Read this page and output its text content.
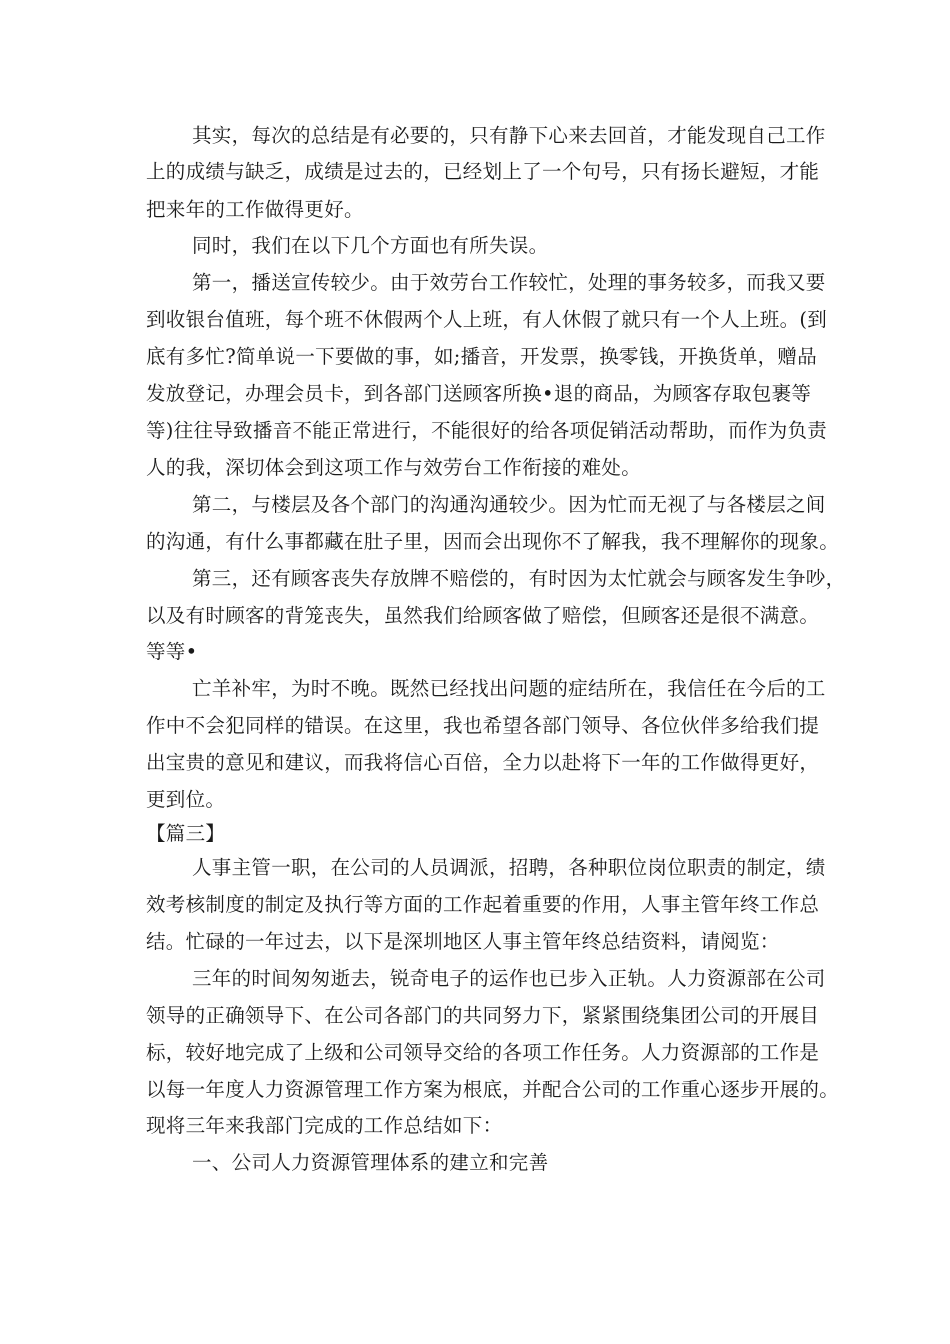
其实，每次的总结是有必要的，只有静下心来去回首，才能发现自己工作
上的成绩与缺乏，成绩是过去的，已经划上了一个句号，只有扬长避短，才能
把来年的工作做得更好。
同时，我们在以下几个方面也有所失误。
第一，播送宣传较少。由于效劳台工作较忙，处理的事务较多，而我又要
到收银台值班，每个班不休假两个人上班，有人休假了就只有一个人上班。(到
底有多忙?简单说一下要做的事，如;播音，开发票，换零钱，开换货单，赠品
发放登记，办理会员卡，到各部门送顾客所换•退的商品，为顾客存取包裹等
等)往往导致播音不能正常进行，不能很好的给各项促销活动帮助，而作为负责
人的我，深切体会到这项工作与效劳台工作衔接的难处。
第二，与楼层及各个部门的沟通沟通较少。因为忙而无视了与各楼层之间
的沟通，有什么事都藏在肚子里，因而会出现你不了解我，我不理解你的现象。
第三，还有顾客丧失存放牌不赔偿的，有时因为太忙就会与顾客发生争吵，
以及有时顾客的背笼丧失，虽然我们给顾客做了赔偿，但顾客还是很不满意。
等等•
亡羊补牢，为时不晚。既然已经找出问题的症结所在，我信任在今后的工
作中不会犯同样的错误。在这里，我也希望各部门领导、各位伙伴多给我们提
出宝贵的意见和建议，而我将信心百倍，全力以赴将下一年的工作做得更好，
更到位。
【篇三】
人事主管一职，在公司的人员调派，招聘，各种职位岗位职责的制定，绩
效考核制度的制定及执行等方面的工作起着重要的作用，人事主管年终工作总
结。忙碌的一年过去，以下是深圳地区人事主管年终总结资料，请阅览：
三年的时间匆匆逝去，锐奇电子的运作也已步入正轨。人力资源部在公司
领导的正确领导下、在公司各部门的共同努力下，紧紧围绕集团公司的开展目
标，较好地完成了上级和公司领导交给的各项工作任务。人力资源部的工作是
以每一年度人力资源管理工作方案为根底，并配合公司的工作重心逐步开展的。
现将三年来我部门完成的工作总结如下：
一、公司人力资源管理体系的建立和完善
